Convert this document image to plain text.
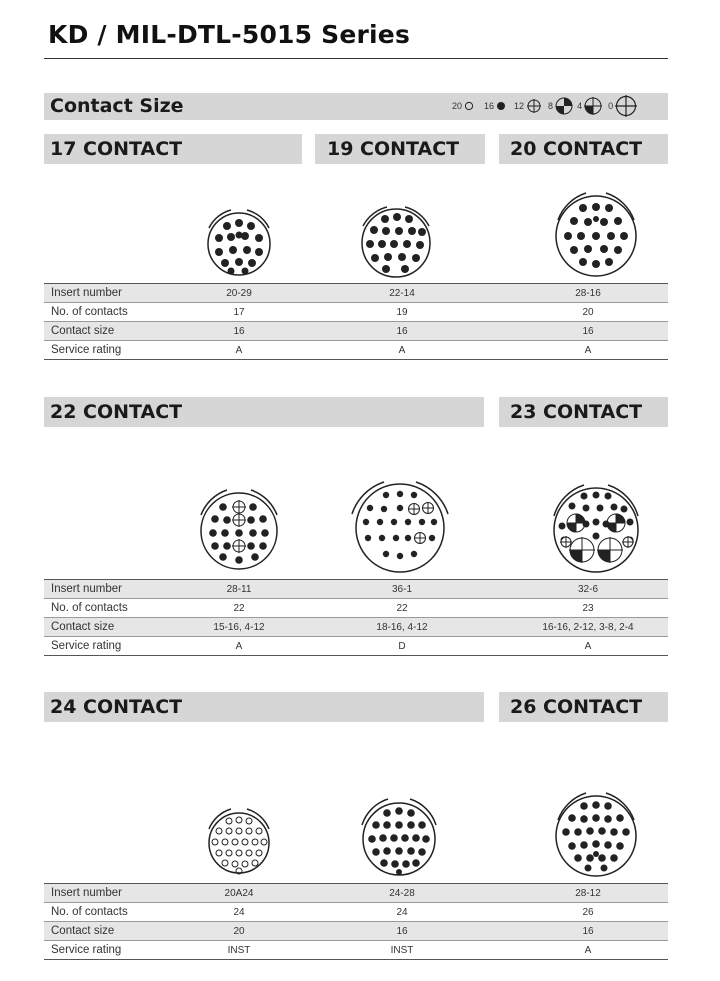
KD / MIL-DTL-5015 Series
Contact Size	20 16 12	8	4	0
17 CONTACT	19 CONTACT	20 CONTACT
Insert number	20-29	22-14	28-16
No. of contacts	17	19	20
Contact size	16	16	16
Service rating	A	A	A
22 CONTACT	23 CONTACT
Insert number	28-11	36-1	32-6
No. of contacts	22	22	23
Contact size	15-16, 4-12	18-16, 4-12	16-16, 2-12, 3-8, 2-4
Service rating	A	D	A
24 CONTACT	26 CONTACT
Insert number	20A24	24-28	28-12
No. of contacts	24	24	26
Contact size	20	16	16
Service rating	INST	INST	A
